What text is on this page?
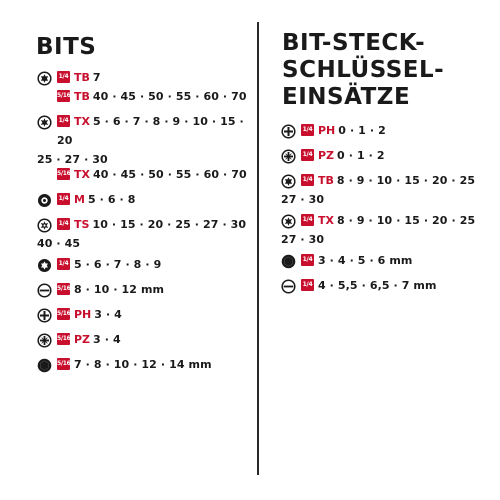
BITS	BIT-STECK-
SCHLÜSSEL-
EINSÄTZE
1/4 $^{TB}$ $^7$
5/16 $^{TB}$ $^{40 \cdot 45 \cdot 50 \cdot 55 \cdot 60 \cdot 70}$
1/4 $^{TX}$ $^{5 \cdot 6 \cdot 7 \cdot 8 \cdot 9 \cdot 10 \cdot 15 \cdot 20}$
25 · 27 · 30
5/16 $^{TX}$ $^{40 \cdot 45 \cdot 50 \cdot 55 \cdot 60 \cdot 70}$
1/4 $^M$ $^{5 \cdot 6 \cdot 8}$
1/4 $^{TS}$ $^{10 \cdot 15 \cdot 20 \cdot 25 \cdot 27 \cdot 30}$
40 · 45
1/4 $^{5 \cdot 6 \cdot 7 \cdot 8 \cdot 9}$
5/16 $^{8 \cdot 10 \cdot 12 mm}$
5/16 $^{PH}$ $^{3 \cdot 4}$
5/16 $^{PZ}$ $^{3 \cdot 4}$
5/16 $^{7 \cdot 8 \cdot 10 \cdot 12 \cdot 14 mm}$
1/4 $^{PH}$ $^{0 \cdot 1 \cdot 2}$
1/4 $^{PZ}$ $^{0 \cdot 1 \cdot 2}$
1/4 $^{TB}$ $^{8 \cdot 9 \cdot 10 \cdot 15 \cdot 20 \cdot 25}$
27 · 30
1/4 $^{TX}$ $^{8 \cdot 9 \cdot 10 \cdot 15 \cdot 20 \cdot 25}$
27 · 30
1/4 $^{3 \cdot 4 \cdot 5 \cdot 6 mm}$
1/4 $^{4 \cdot 5,5 \cdot 6,5 \cdot 7 mm}$
